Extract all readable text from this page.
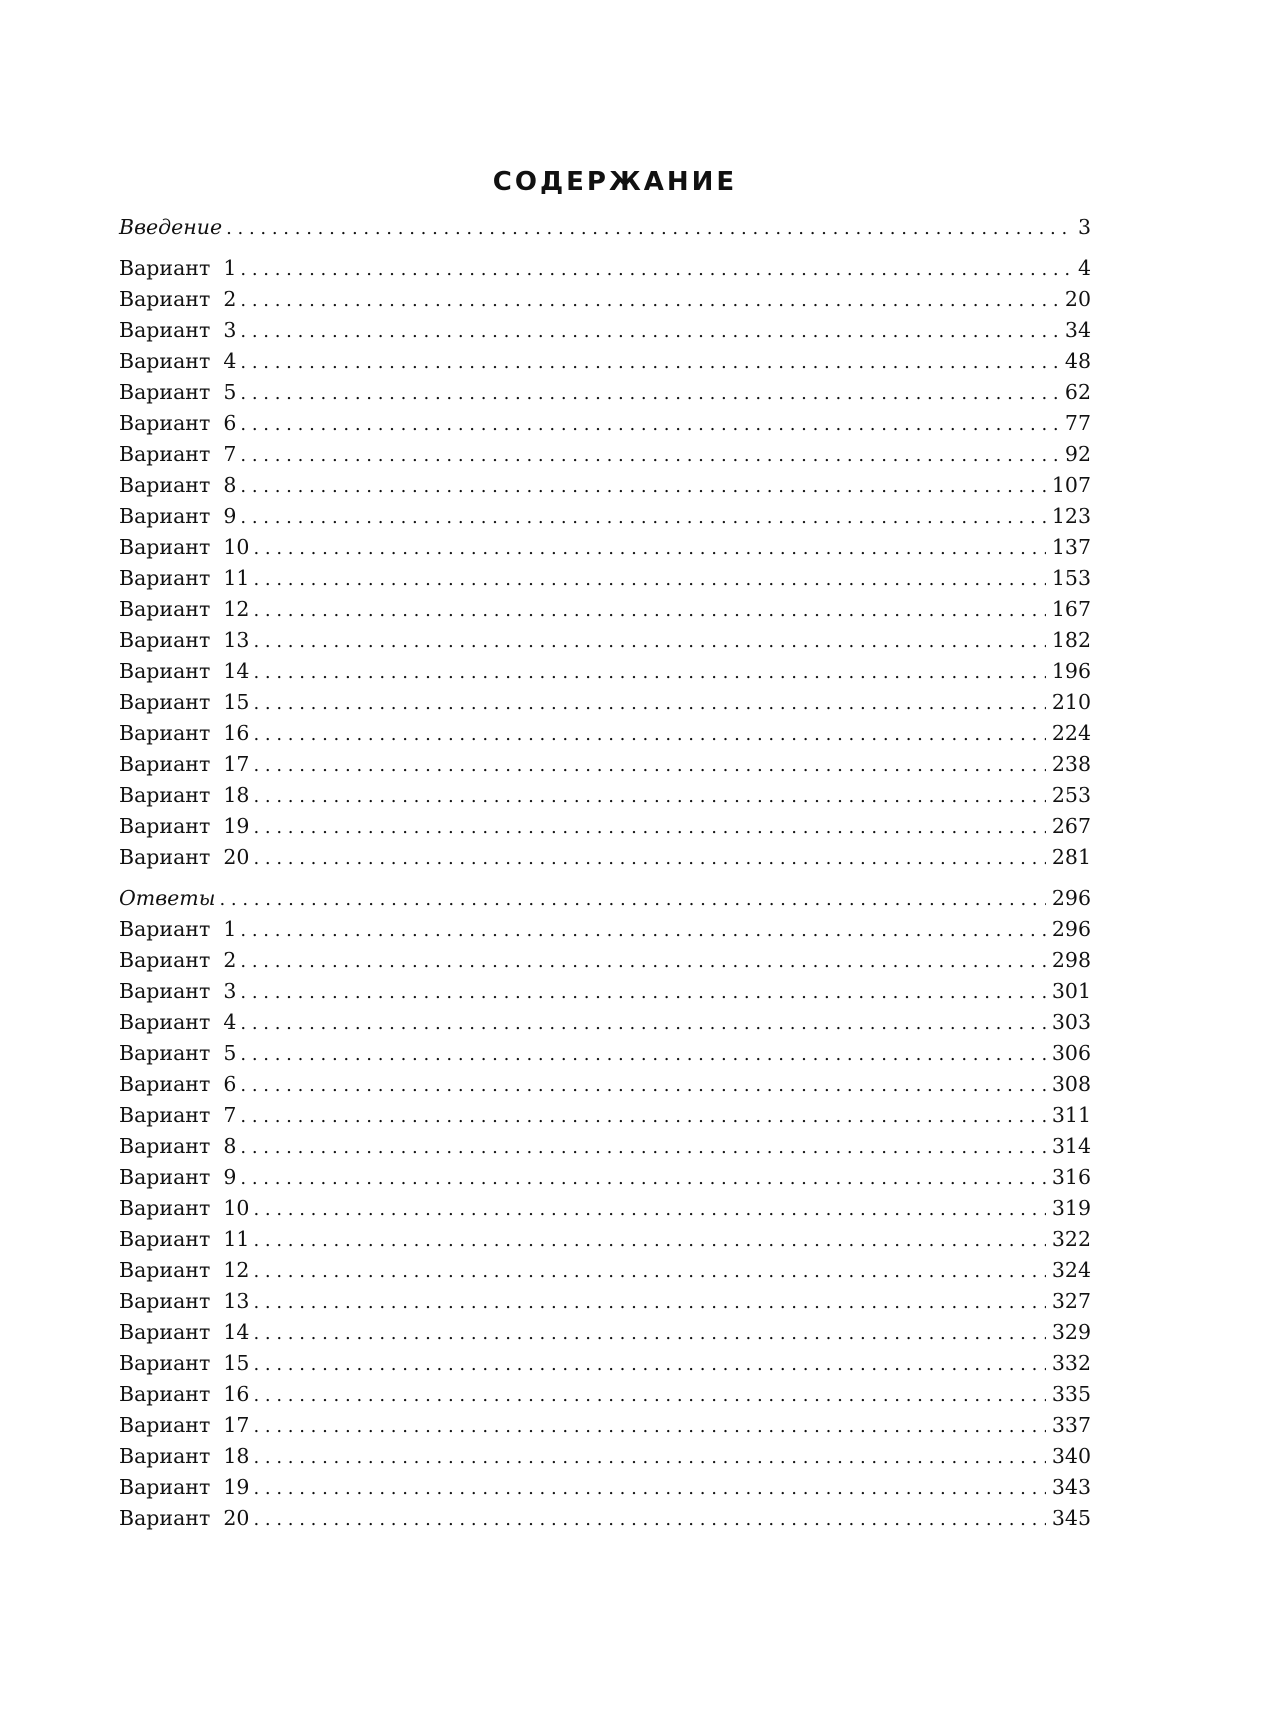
СОДЕРЖАНИЕ
Введение . . .	3
Вариант 1 . . .	4
Вариант 2 . . .	20
Вариант 3 . . .	34
Вариант 4 . . .	48
Вариант 5 . . .	62
Вариант 6 . . .	77
Вариант 7 . . .	92
Вариант 8 . . .	107
Вариант 9 . . .	123
Вариант 10 . . .	137
Вариант 11 . . .	153
Вариант 12 . . .	167
Вариант 13 . . .	182
Вариант 14 . . .	196
Вариант 15 . . .	210
Вариант 16 . . .	224
Вариант 17 . . .	238
Вариант 18 . . .	253
Вариант 19 . . .	267
Вариант 20 . . .	281
Ответы . . .	296
Вариант 1 . . .	296
Вариант 2 . . .	298
Вариант 3 . . .	301
Вариант 4 . . .	303
Вариант 5 . . .	306
Вариант 6 . . .	308
Вариант 7 . . .	311
Вариант 8 . . .	314
Вариант 9 . . .	316
Вариант 10 . . .	319
Вариант 11 . . .	322
Вариант 12 . . .	324
Вариант 13 . . .	327
Вариант 14 . . .	329
Вариант 15 . . .	332
Вариант 16 . . .	335
Вариант 17 . . .	337
Вариант 18 . . .	340
Вариант 19 . . .	343
Вариант 20 . . .	345
